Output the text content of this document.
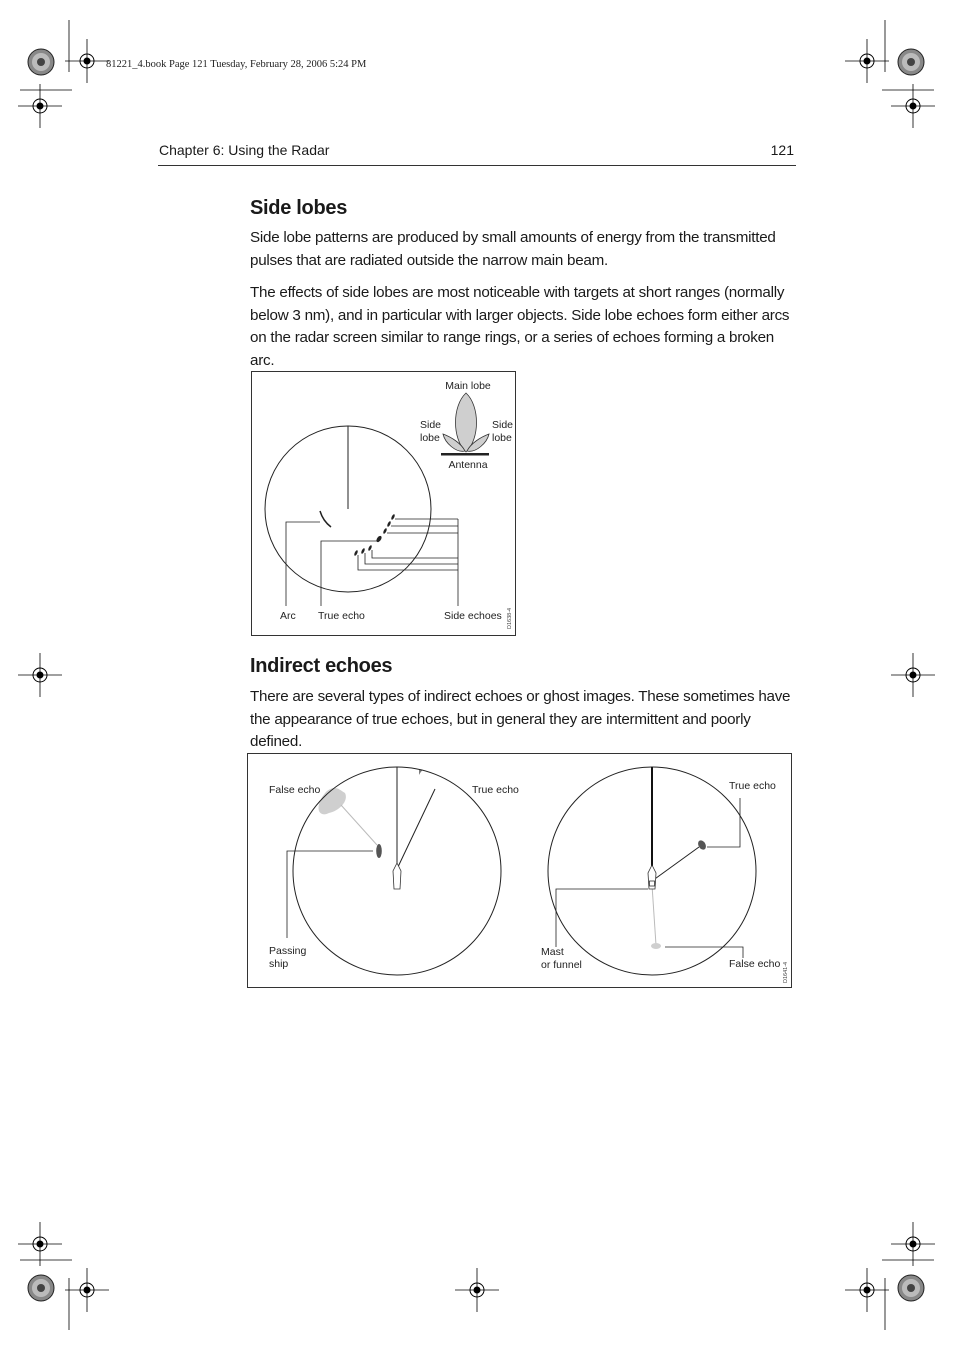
81221_4.book Page 121 Tuesday, February 28, 2006 5:24 PM
Chapter 6: Using the Radar	121
Side lobes

Side lobe patterns are produced by small amounts of energy from the transmitted pulses that are radiated outside the narrow main beam.

The effects of side lobes are most noticeable with targets at short ranges (normally below 3 nm), and in particular with larger objects. Side lobe echoes form either arcs on the radar screen similar to range rings, or a series of echoes forming a broken arc.

Main lobe
Side
lobe
Side
lobe
Antenna
Arc True echo	Side echoes D1638-4
Indirect echoes

There are several types of indirect echoes or ghost images. These sometimes have the appearance of true echoes, but in general they are intermittent and poorly defined.

False echo	True echo
Passing
ship
True echo
Mast
or funnel	False echo D1641-4
